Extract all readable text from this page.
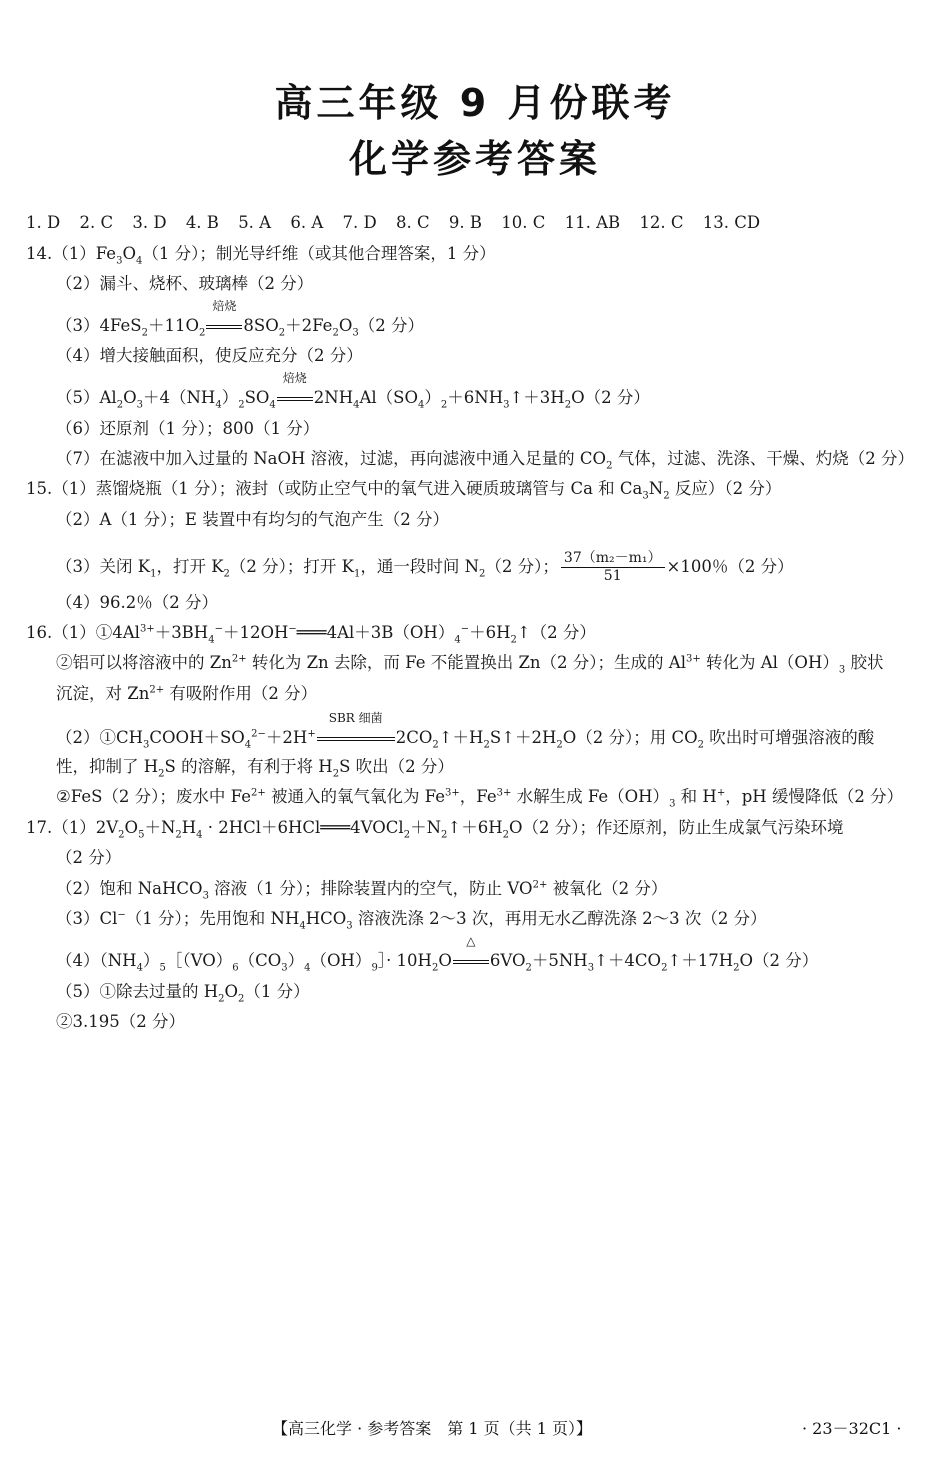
高三年级 9 月份联考
化学参考答案
1. D 2. C 3. D 4. B 5. A 6. A 7. D 8. C 9. B 10. C 11. AB 12. C 13. CD
$14.(1)Fe_3O_4(1$ 分）；制光导纤维（或其他合理答案，1 分）
（2）漏斗、烧杯、玻璃棒（2 分）
$(3)4FeS_2+11O_2$
焙烧
$8SO_2+2Fe_2O_3(2$ 分）
（4）增大接触面积，使反应充分（2 分）
$(5)Al_2O_3+4(NH_4)_2SO_4$
焙烧
$2NH_4Al(SO_4)_2+6NH_3↑+3H_2O(2$ 分）
（6）还原剂（1 分）；800（1 分）
（7）在滤液中加入过量的 NaOH 溶液，过滤，再向滤液中通入足量的 $CO_2$ 气体，过滤、洗涤、干燥、灼烧（2 分）
15.（1）蒸馏烧瓶（1 分）；液封（或防止空气中的氧气进入硬质玻璃管与 Ca 和 $Ca_3N_2$ 反应）（2 分）
（2）A（1 分）；E 装置中有均匀的气泡产生（2 分）
（3）关闭 $K_1$，打开 $K_2(2$ 分）；打开 $K_1$，通一段时间 $N_2(2$ 分）； $\frac{\text{37（m₂－m₁）}}{51} \times 100$％（2 分）
（4）96.2％（2 分）
$16.(1)①4Al^{3+}+3BH_4^-+12OH^-═══4Al+3B(OH)_4^-+6H_2↑(2$ 分）
②铝可以将溶液中的 $Zn^{2+}$ 转化为 Zn 去除，而 Fe 不能置换出 Zn（2 分）；生成的 $Al^{3+}$ 转化为 $Al(OH)_3$ 胶状
沉淀，对 $Zn^{2+}$ 有吸附作用（2 分）
$(2)①CH_3COOH+SO_4^{2-}+2H^+$
SBR 细菌
$2CO_2↑+H_2S↑+2H_2O(2$ 分）；用 $CO_2$ 吹出时可增强溶液的酸
性，抑制了 $H_2S$ 的溶解，有利于将 $H_2S$ 吹出（2 分）
②FeS（2 分）；废水中 $Fe^{2+}$ 被通入的氧气氧化为 $Fe^{3+}$，$Fe^{3+}$ 水解生成 $Fe(OH)_3$ 和 H+，pH 缓慢降低（2 分）
$17.(1)2V_2O_5+N_2H_4$ · $2HCl+6HCl═══4VOCl_2+N_2↑+6H_2O(2$ 分）；作还原剂，防止生成氯气污染环境
（2 分）
（2）饱和 NaHCO$_3$ 溶液（1 分）；排除装置内的空气，防止 $VO^{2+}$ 被氧化（2 分）
（3）Cl−（1 分）；先用饱和 $NH_4HCO_3$ 溶液洗涤 2～3 次，再用无水乙醇洗涤 2～3 次（2 分）
$(4)(NH_4)_5[(VO)_6(CO_3)_4(OH)_9]\cdot 10H_2O$
△
$6VO_2+5NH_3↑+4CO_2↑+17H_2O(2$ 分）
（5）①除去过量的 $H_2O_2(1$ 分）
②3.195（2 分）
【高三化学 · 参考答案　第 1 页（共 1 页）】	· 23－32C1 ·
